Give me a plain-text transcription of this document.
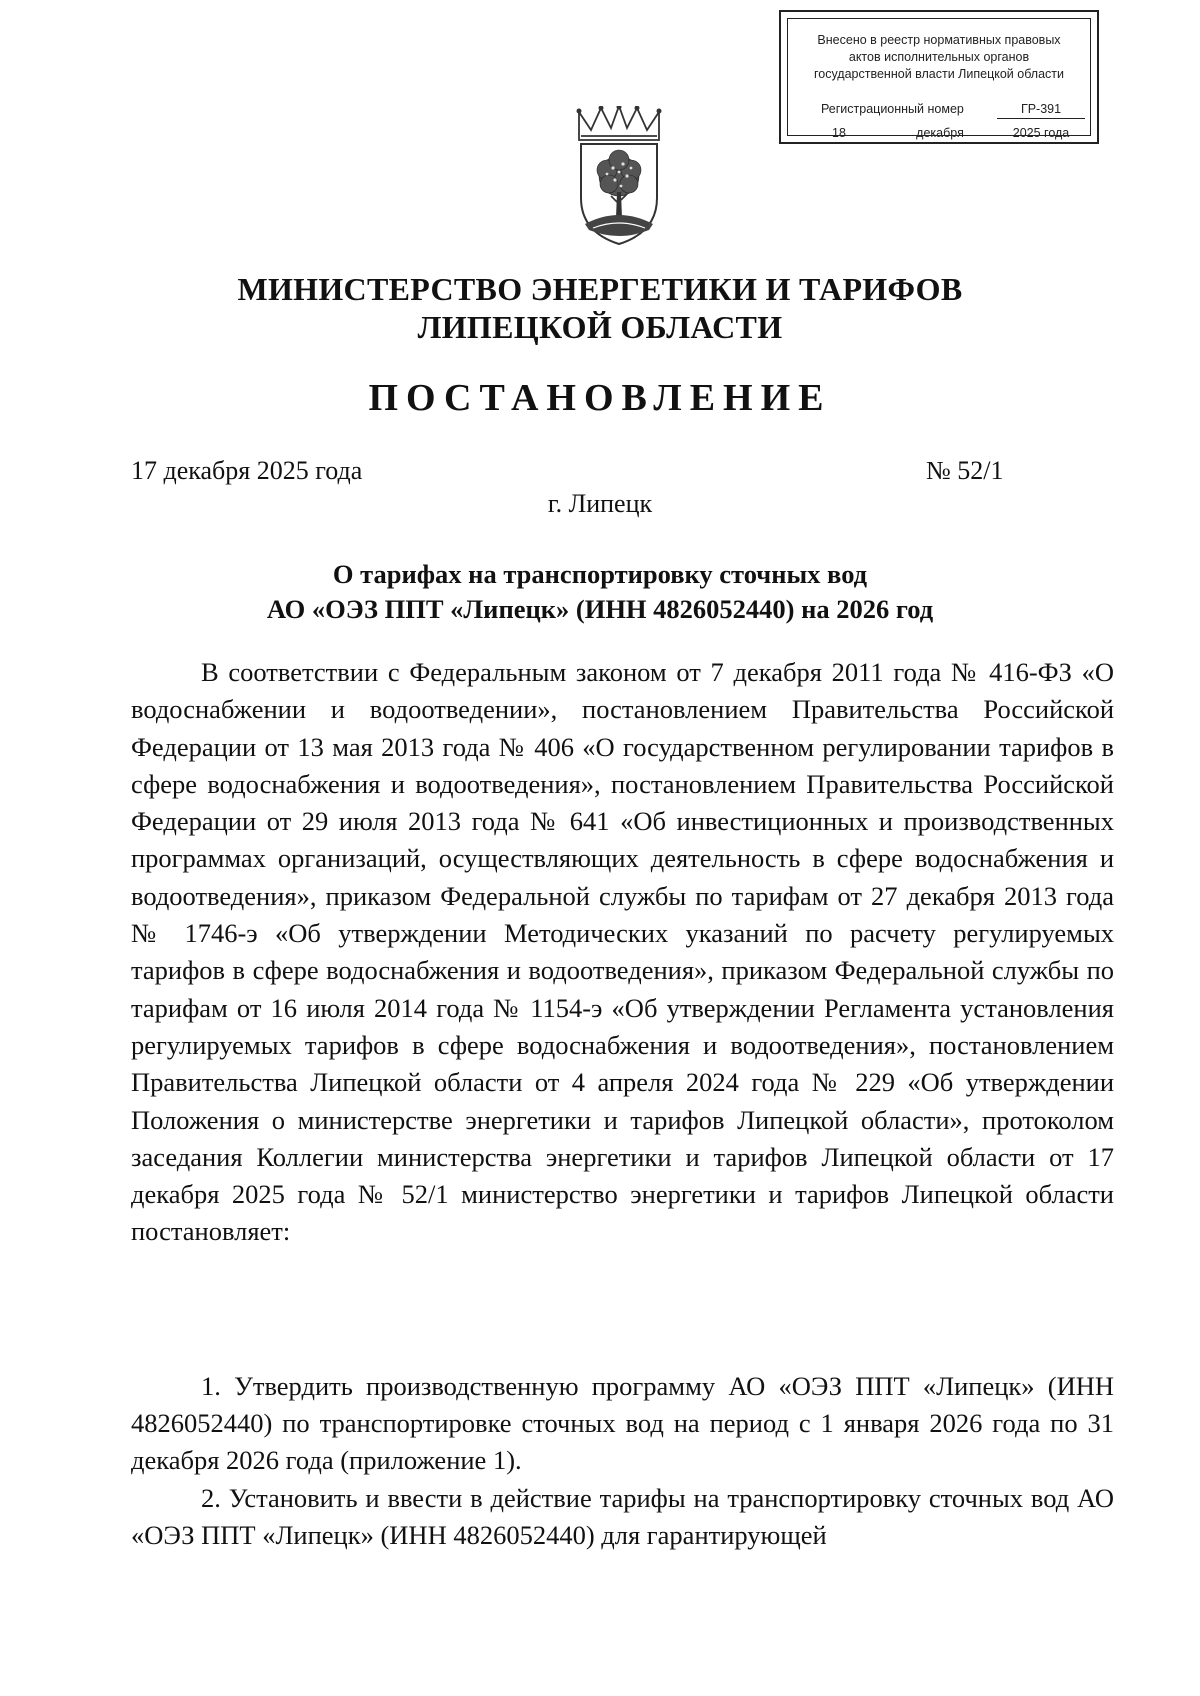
Внесено в реестр нормативных правовых
актов исполнительных органов
государственной власти Липецкой области
Регистрационный номер	ГР-391
18	декабря	2025 года
МИНИСТЕРСТВО ЭНЕРГЕТИКИ И ТАРИФОВ
ЛИПЕЦКОЙ ОБЛАСТИ
ПОСТАНОВЛЕНИЕ
17 декабря 2025 года	№ 52/1
г. Липецк
О тарифах на транспортировку сточных вод
АО «ОЭЗ ППТ «Липецк» (ИНН 4826052440) на 2026 год
В соответствии с Федеральным законом от 7 декабря 2011 года № 416-ФЗ «О водоснабжении и водоотведении», постановлением Правительства Российской Федерации от 13 мая 2013 года № 406 «О государственном регулировании тарифов в сфере водоснабжения и водоотведения», постановлением Правительства Российской Федерации от 29 июля 2013 года № 641 «Об инвестиционных и производственных программах организаций, осуществляющих деятельность в сфере водоснабжения и водоотведения», приказом Федеральной службы по тарифам от 27 декабря 2013 года № 1746-э «Об утверждении Методических указаний по расчету регулируемых тарифов в сфере водоснабжения и водоотведения», приказом Федеральной службы по тарифам от 16 июля 2014 года № 1154-э «Об утверждении Регламента установления регулируемых тарифов в сфере водоснабжения и водоотведения», постановлением Правительства Липецкой области от 4 апреля 2024 года № 229 «Об утверждении Положения о министерстве энергетики и тарифов Липецкой области», протоколом заседания Коллегии министерства энергетики и тарифов Липецкой области от 17 декабря 2025 года № 52/1 министерство энергетики и тарифов Липецкой области постановляет:
1. Утвердить производственную программу АО «ОЭЗ ППТ «Липецк» (ИНН 4826052440) по транспортировке сточных вод на период с 1 января 2026 года по 31 декабря 2026 года (приложение 1).
2. Установить и ввести в действие тарифы на транспортировку сточных вод АО «ОЭЗ ППТ «Липецк» (ИНН 4826052440) для гарантирующей
